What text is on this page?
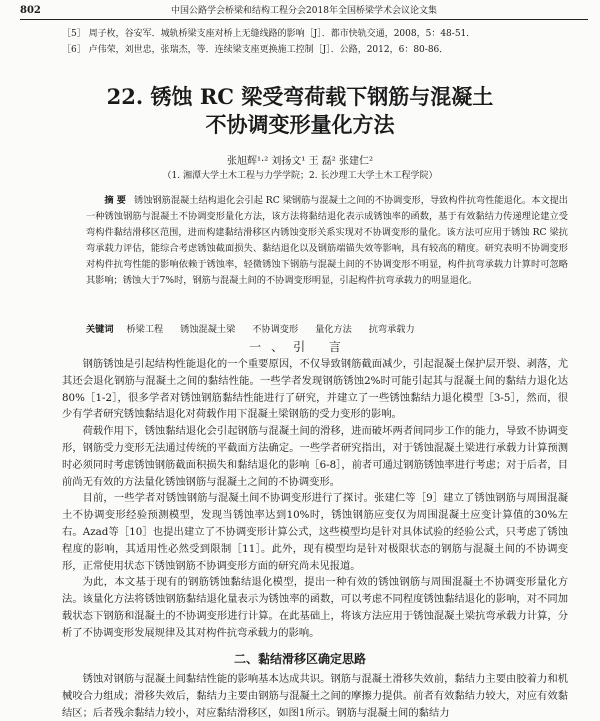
802	中国公路学会桥梁和结构工程分会2018年全国桥梁学术会议论文集
［5］ 周子枚，谷安军．城轨桥梁支座对桥上无缝线路的影响［J］．都市快轨交通，2008，5：48-51．
［6］ 卢伟荣，刘世忠，张瑞杰，等．连续梁支座更换施工控制［J］．公路，2012，6：80-86．
22. 锈蚀 RC 梁受弯荷载下钢筋与混凝土
不协调变形量化方法
张旭辉¹·² 刘扬文¹ 王 磊² 张建仁²
（1. 湘潭大学土木工程与力学学院；2. 长沙理工大学土木工程学院）

摘 要 锈蚀钢筋混凝土结构退化会引起 RC 梁钢筋与混凝土之间的不协调变形，导致构件抗弯性能退化。本文提出一种锈蚀钢筋与混凝土不协调变形量化方法，该方法将黏结退化表示成锈蚀率的函数，基于有效黏结力传递理论建立受弯构件黏结滑移区范围，进而构建黏结滑移区内锈蚀变形关系实现对不协调变形的量化。该方法可应用于锈蚀 RC 梁抗弯承载力评估，能综合考虑锈蚀截面损失、黏结退化以及钢筋端锚失效等影响，具有较高的精度。研究表明不协调变形对构件抗弯性能的影响依赖于锈蚀率，轻微锈蚀下钢筋与混凝土间的不协调变形不明显，构件抗弯承载力计算时可忽略其影响；锈蚀大于7%时，钢筋与混凝土间的不协调变形明显，引起构件抗弯承载力的明显退化。

关键词 桥梁工程 锈蚀混凝土梁 不协调变形 量化方法 抗弯承载力
一、引 言

钢筋锈蚀是引起结构性能退化的一个重要原因，不仅导致钢筋截面减少，引起混凝土保护层开裂、剥落，尤其还会退化钢筋与混凝土之间的黏结性能。一些学者发现钢筋锈蚀2%时可能引起其与混凝土间的黏结力退化达80%［1-2］，很多学者对锈蚀钢筋黏结性能进行了研究，并建立了一些锈蚀黏结力退化模型［3-5］，然而，很少有学者研究锈蚀黏结退化对荷载作用下混凝土梁钢筋的受力变形的影响。

荷载作用下，锈蚀黏结退化会引起钢筋与混凝土间的滑移，进而破坏两者间同步工作的能力，导致不协调变形，钢筋受力变形无法通过传统的平截面方法确定。一些学者研究指出，对于锈蚀混凝土梁进行承载力计算预测时必须同时考虑锈蚀钢筋截面积损失和黏结退化的影响［6-8］，前者可通过钢筋锈蚀率进行考虑；对于后者，目前尚无有效的方法量化锈蚀钢筋与混凝土之间的不协调变形。

目前，一些学者对锈蚀钢筋与混凝土间不协调变形进行了探讨。张建仁等［9］建立了锈蚀钢筋与周围混凝土不协调变形经验预测模型，发现当锈蚀率达到10%时，锈蚀钢筋应变仅为周围混凝土应变计算值的30%左右。Azad等［10］也提出建立了不协调变形计算公式，这些模型均是针对具体试验的经验公式，只考虑了锈蚀程度的影响，其适用性必然受到限制［11］。此外，现有模型均是针对极限状态的钢筋与混凝土间的不协调变形，正常使用状态下锈蚀钢筋不协调变形方面的研究尚未见报道。

为此，本文基于现有的钢筋锈蚀黏结退化模型，提出一种有效的锈蚀钢筋与周围混凝土不协调变形量化方法。该量化方法将锈蚀钢筋黏结退化量表示为锈蚀率的函数，可以考虑不同程度锈蚀黏结退化的影响，对不同加载状态下钢筋和混凝土的不协调变形进行计算。在此基础上，将该方法应用于锈蚀混凝土梁抗弯承载力计算，分析了不协调变形发展规律及其对构件抗弯承载力的影响。

二、黏结滑移区确定思路

锈蚀对钢筋与混凝土间黏结性能的影响基本达成共识。钢筋与混凝土滑移失效前，黏结力主要由胶着力和机械咬合力组成；滑移失效后，黏结力主要由钢筋与混凝土之间的摩擦力提供。前者有效黏结力较大，对应有效黏结区；后者残余黏结力较小，对应黏结滑移区，如图1所示。钢筋与混凝土间的黏结力
